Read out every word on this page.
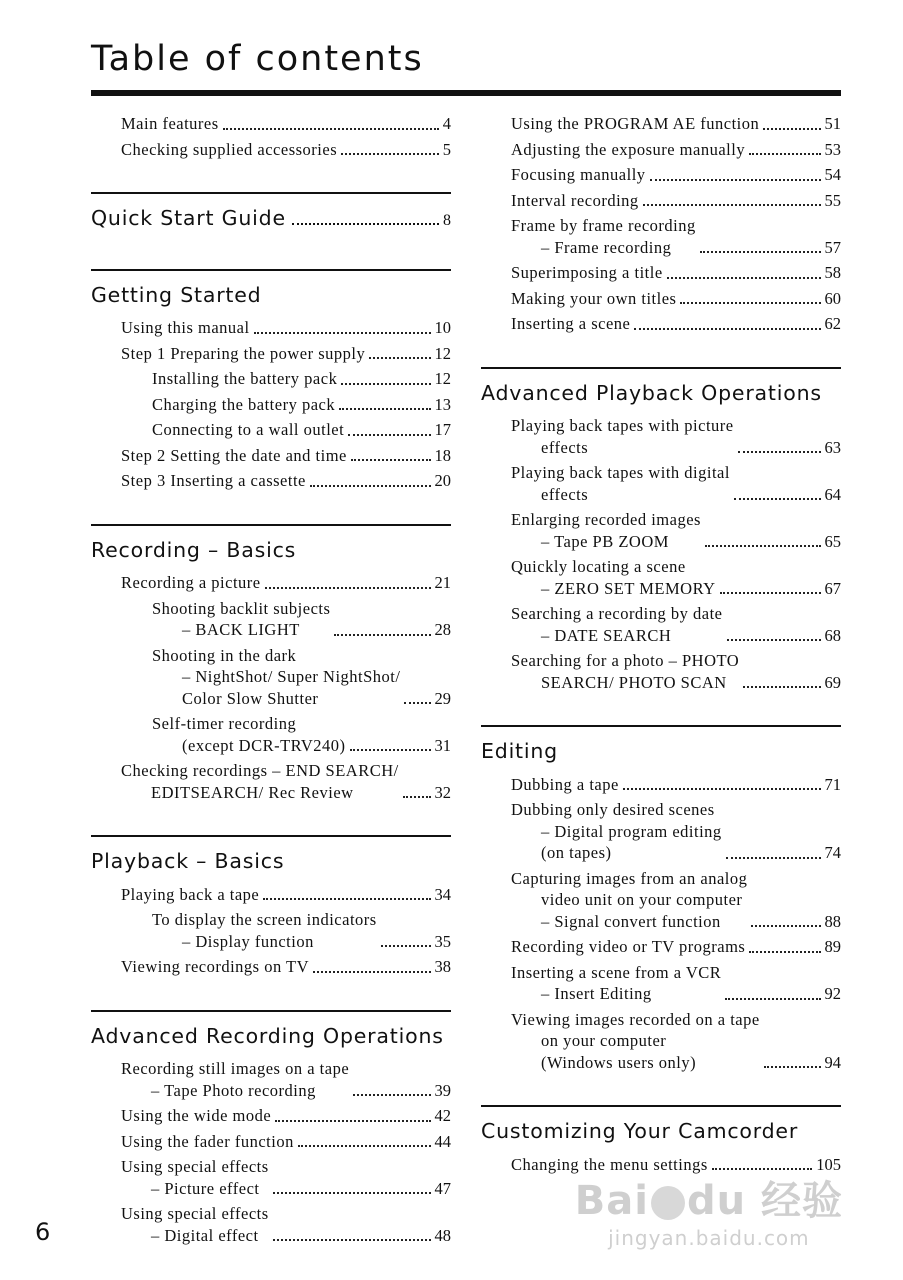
Table of contents
Main features	4
Checking supplied accessories	5
Quick Start Guide	8
Getting Started
Using this manual	10
Step 1 Preparing the power supply	12
Installing the battery pack	12
Charging the battery pack	13
Connecting to a wall outlet	17
Step 2 Setting the date and time	18
Step 3 Inserting a cassette	20
Recording – Basics
Recording a picture	21
Shooting backlit subjects
– BACK LIGHT	28
Shooting in the dark
– NightShot/ Super NightShot/
Color Slow Shutter	29
Self-timer recording
(except DCR-TRV240)	31
Checking recordings – END SEARCH/
EDITSEARCH/ Rec Review	32
Playback – Basics
Playing back a tape	34
To display the screen indicators
– Display function	35
Viewing recordings on TV	38
Advanced Recording Operations
Recording still images on a tape
– Tape Photo recording	39
Using the wide mode	42
Using the fader function	44
Using special effects
– Picture effect	47
Using special effects
– Digital effect	48
Using the PROGRAM AE function	51
Adjusting the exposure manually	53
Focusing manually	54
Interval recording	55
Frame by frame recording
– Frame recording	57
Superimposing a title	58
Making your own titles	60
Inserting a scene	62
Advanced Playback Operations
Playing back tapes with picture
effects	63
Playing back tapes with digital
effects	64
Enlarging recorded images
– Tape PB ZOOM	65
Quickly locating a scene
– ZERO SET MEMORY	67
Searching a recording by date
– DATE SEARCH	68
Searching for a photo – PHOTO
SEARCH/ PHOTO SCAN	69
Editing
Dubbing a tape	71
Dubbing only desired scenes
– Digital program editing
(on tapes)	74
Capturing images from an analog
video unit on your computer
– Signal convert function	88
Recording video or TV programs	89
Inserting a scene from a VCR
– Insert Editing	92
Viewing images recorded on a tape
on your computer
(Windows users only)	94
Customizing Your Camcorder
Changing the menu settings	105
6
Bai du 经验
jingyan.baidu.com
